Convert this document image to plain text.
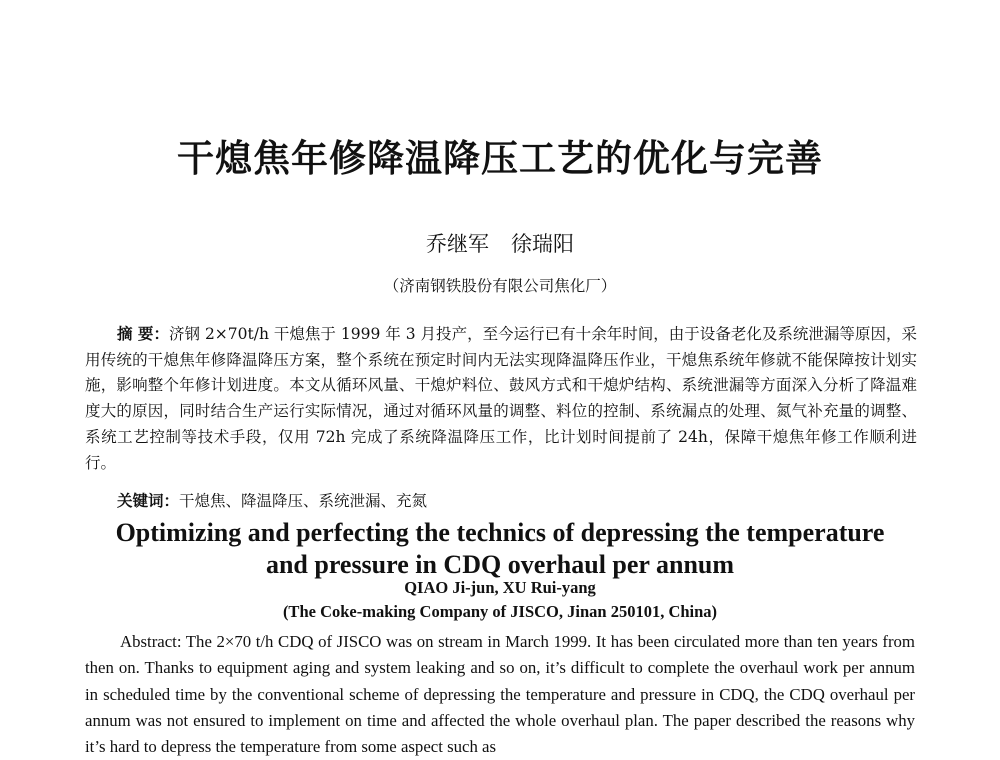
干熄焦年修降温降压工艺的优化与完善
乔继军 徐瑞阳
（济南钢铁股份有限公司焦化厂）

摘 要：济钢 2×70t/h 干熄焦于 1999 年 3 月投产，至今运行已有十余年时间，由于设备老化及系统泄漏等原因，采用传统的干熄焦年修降温降压方案，整个系统在预定时间内无法实现降温降压作业，干熄焦系统年修就不能保障按计划实施，影响整个年修计划进度。本文从循环风量、干熄炉料位、鼓风方式和干熄炉结构、系统泄漏等方面深入分析了降温难度大的原因，同时结合生产运行实际情况，通过对循环风量的调整、料位的控制、系统漏点的处理、氮气补充量的调整、系统工艺控制等技术手段，仅用 72h 完成了系统降温降压工作，比计划时间提前了 24h，保障干熄焦年修工作顺利进行。

关键词：干熄焦、降温降压、系统泄漏、充氮

Optimizing and perfecting the technics of depressing the temperature
and pressure in CDQ overhaul per annum

QIAO Ji-jun, XU Rui-yang
(The Coke-making Company of JISCO, Jinan 250101, China)

Abstract: The 2×70 t/h CDQ of JISCO was on stream in March 1999. It has been circulated more than ten years from then on. Thanks to equipment aging and system leaking and so on, it’s difficult to complete the overhaul work per annum in scheduled time by the conventional scheme of depressing the temperature and pressure in CDQ, the CDQ overhaul per annum was not ensured to implement on time and affected the whole overhaul plan. The paper described the reasons why it’s hard to depress the temperature from some aspect such as
